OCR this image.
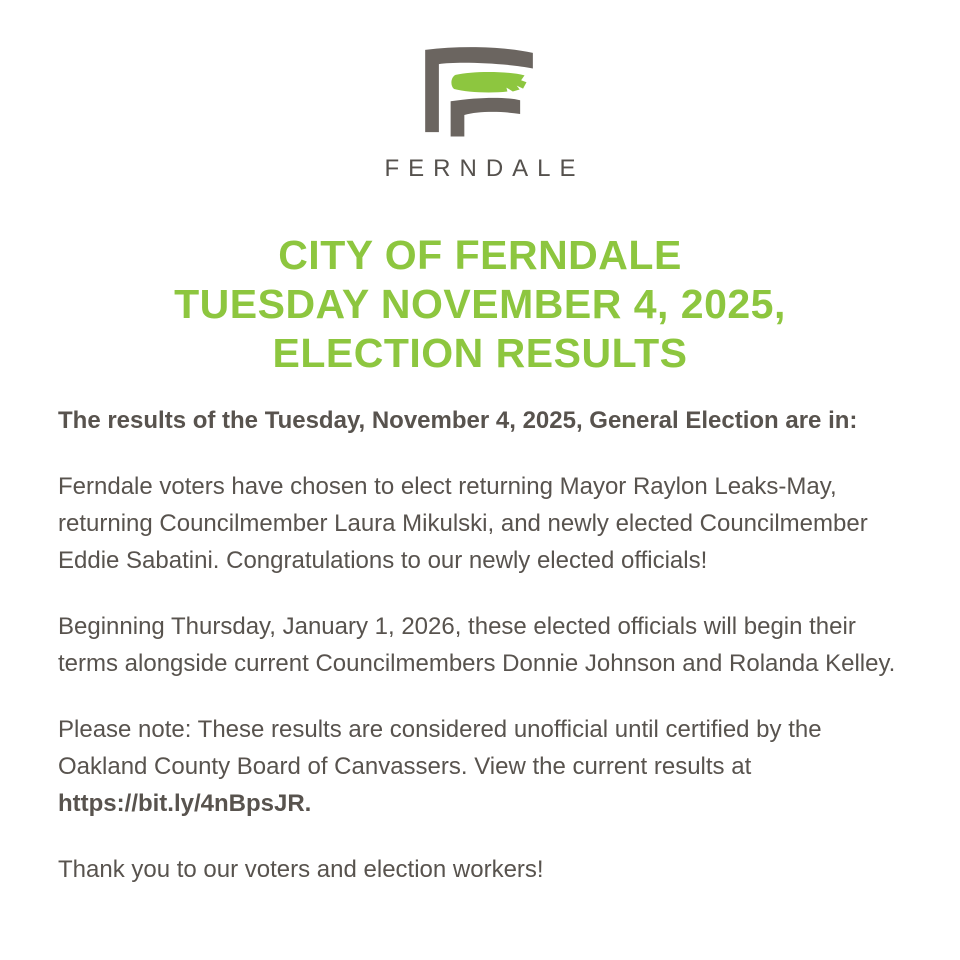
FERNDALE
CITY OF FERNDALE
TUESDAY NOVEMBER 4, 2025,
ELECTION RESULTS

The results of the Tuesday, November 4, 2025, General Election are in:

Ferndale voters have chosen to elect returning Mayor Raylon Leaks-May, returning Councilmember Laura Mikulski, and newly elected Councilmember Eddie Sabatini. Congratulations to our newly elected officials!

Beginning Thursday, January 1, 2026, these elected officials will begin their terms alongside current Councilmembers Donnie Johnson and Rolanda Kelley.

Please note: These results are considered unofficial until certified by the Oakland County Board of Canvassers. View the current results at https://bit.ly/4nBpsJR.

Thank you to our voters and election workers!
